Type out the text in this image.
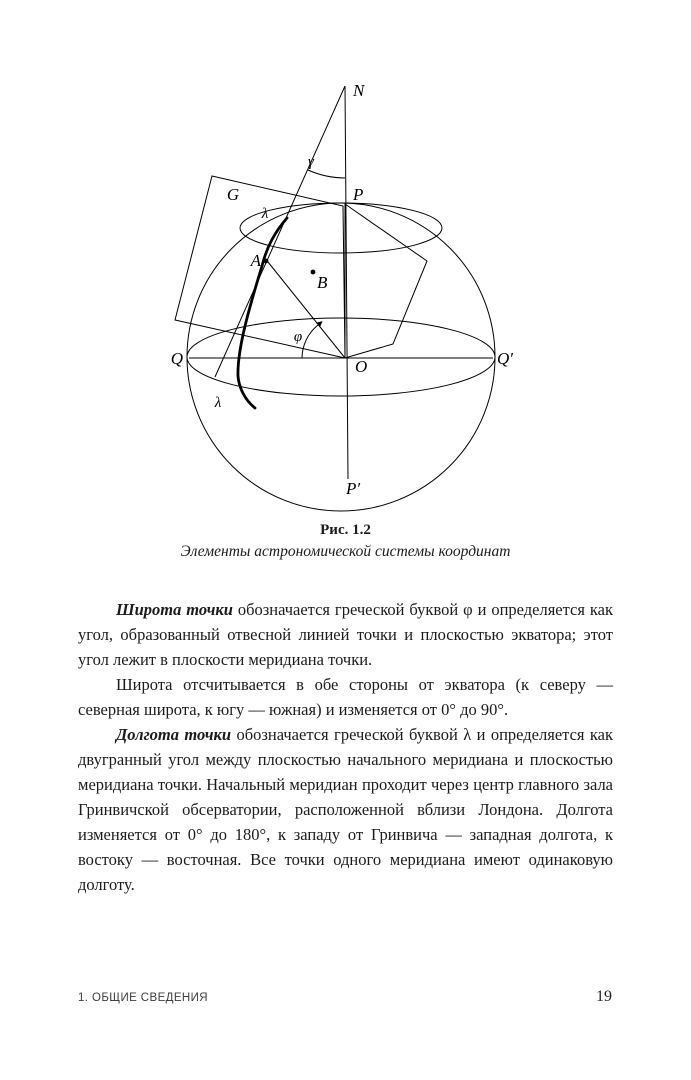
N
G	P
A
B
Q	Q′
O
P′
γ
φ
λ
λ
Рис. 1.2
Элементы астрономической системы координат

Широта точки обозначается греческой буквой φ и определяется как угол, образованный отвесной линией точки и плоскостью экватора; этот угол лежит в плоскости меридиана точки.

Широта отсчитывается в обе стороны от экватора (к северу — северная широта, к югу — южная) и изменяется от 0° до 90°.

Долгота точки обозначается греческой буквой λ и определяется как двугранный угол между плоскостью начального меридиана и плоскостью меридиана точки. Начальный меридиан проходит через центр главного зала Гринвичской обсерватории, расположенной вблизи Лондона. Долгота изменяется от 0° до 180°, к западу от Гринвича — западная долгота, к востоку — восточная. Все точки одного меридиана имеют одинаковую долготу.

1. ОБЩИЕ СВЕДЕНИЯ	19
